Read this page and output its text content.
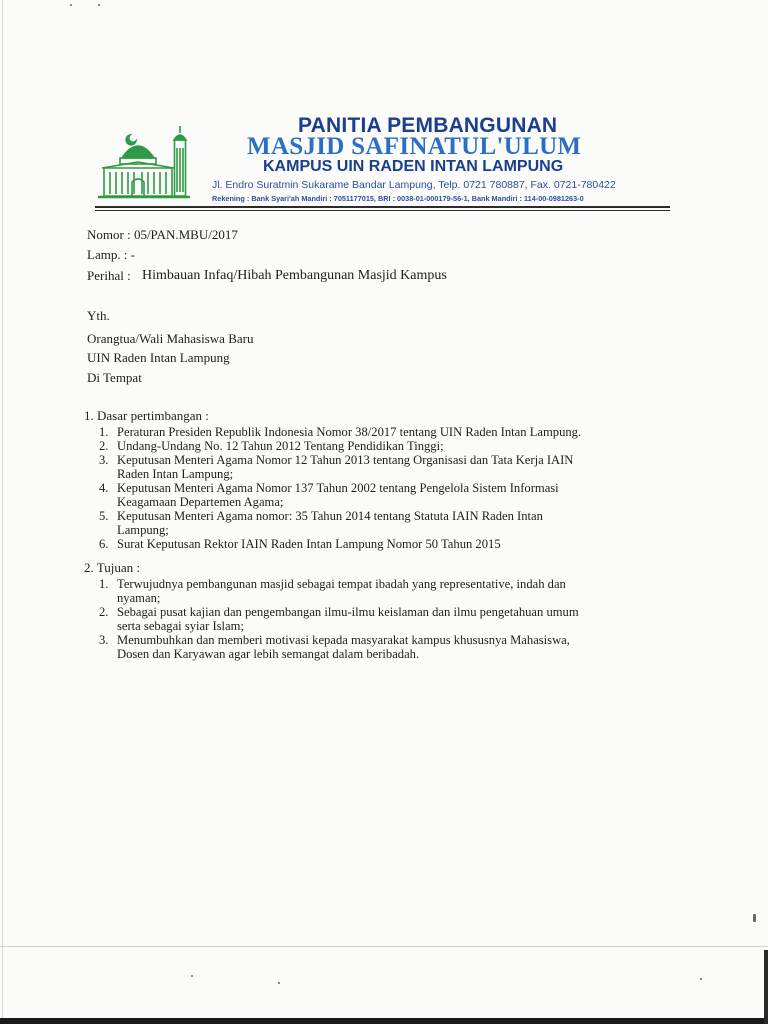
PANITIA PEMBANGUNAN
MASJID SAFINATUL'ULUM
KAMPUS UIN RADEN INTAN LAMPUNG
Jl. Endro Suratmin Sukarame Bandar Lampung, Telp. 0721 780887, Fax. 0721-780422
Rekening : Bank Syari'ah Mandiri : 7051177015, BRI : 0038-01-000179-56-1, Bank Mandiri : 114-00-0981263-0
Nomor : 05/PAN.MBU/2017
Lamp. : -
Perihal : Himbauan Infaq/Hibah Pembangunan Masjid Kampus
Yth.
Orangtua/Wali Mahasiswa Baru
UIN Raden Intan Lampung
Di Tempat
1. Dasar pertimbangan :
1. Peraturan Presiden Republik Indonesia Nomor 38/2017 tentang UIN Raden Intan Lampung.
2. Undang-Undang No. 12 Tahun 2012 Tentang Pendidikan Tinggi;
3. Keputusan Menteri Agama Nomor 12 Tahun 2013 tentang Organisasi dan Tata Kerja IAIN
Raden Intan Lampung;
4. Keputusan Menteri Agama Nomor 137 Tahun 2002 tentang Pengelola Sistem Informasi
Keagamaan Departemen Agama;
5. Keputusan Menteri Agama nomor: 35 Tahun 2014 tentang Statuta IAIN Raden Intan
Lampung;
6. Surat Keputusan Rektor IAIN Raden Intan Lampung Nomor 50 Tahun 2015
2. Tujuan :
1. Terwujudnya pembangunan masjid sebagai tempat ibadah yang representative, indah dan
nyaman;
2. Sebagai pusat kajian dan pengembangan ilmu-ilmu keislaman dan ilmu pengetahuan umum
serta sebagai syiar Islam;
3. Menumbuhkan dan memberi motivasi kepada masyarakat kampus khususnya Mahasiswa,
Dosen dan Karyawan agar lebih semangat dalam beribadah.
